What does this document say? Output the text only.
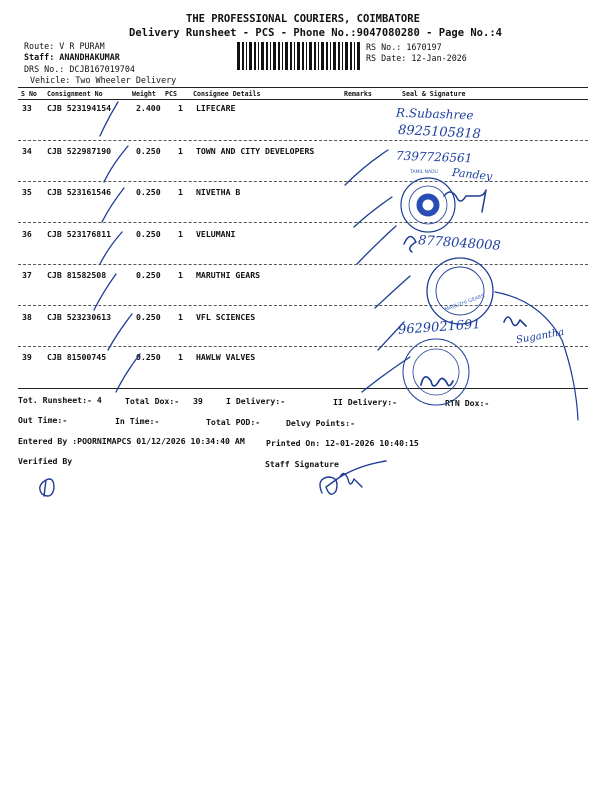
THE PROFESSIONAL COURIERS, COIMBATORE
Delivery Runsheet - PCS - Phone No.:9047080280 - Page No.:4
Route: V R PURAM
Staff: ANANDHAKUMAR
DRS No.: DCJB167019704
Vehicle: Two Wheeler Delivery
RS No.: 1670197
RS Date: 12-Jan-2026
S No Consignment No	Weight PCS Consignee Details	Remarks	Seal & Signature
33 CJB 523194154	2.400 1 LIFECARE
34 CJB 522987190	0.250 1 TOWN AND CITY DEVELOPERS
35 CJB 523161546	0.250 1 NIVETHA B
36 CJB 523176811	0.250 1 VELUMANI
37 CJB 81582508	0.250 1 MARUTHI GEARS
38 CJB 523230613	0.250 1 VFL SCIENCES
39 CJB 81500745	0.250 1 HAWLW VALVES
Tot. Runsheet:- 4	Total Dox:- 39	I Delivery:-	II Delivery:-	RTN Dox:-
Out Time:-	In Time:-	Total POD:-	Delvy Points:-
Entered By :POORNIMAPCS 01/12/2026 10:34:40 AM	Printed On: 12-01-2026 10:40:15
Verified By	Staff Signature
R.Subashree
8925105818
7397726561
Pandey
8778048008
9629021691	Sugantha
MARUTHI GEARS
TAMIL NADU
